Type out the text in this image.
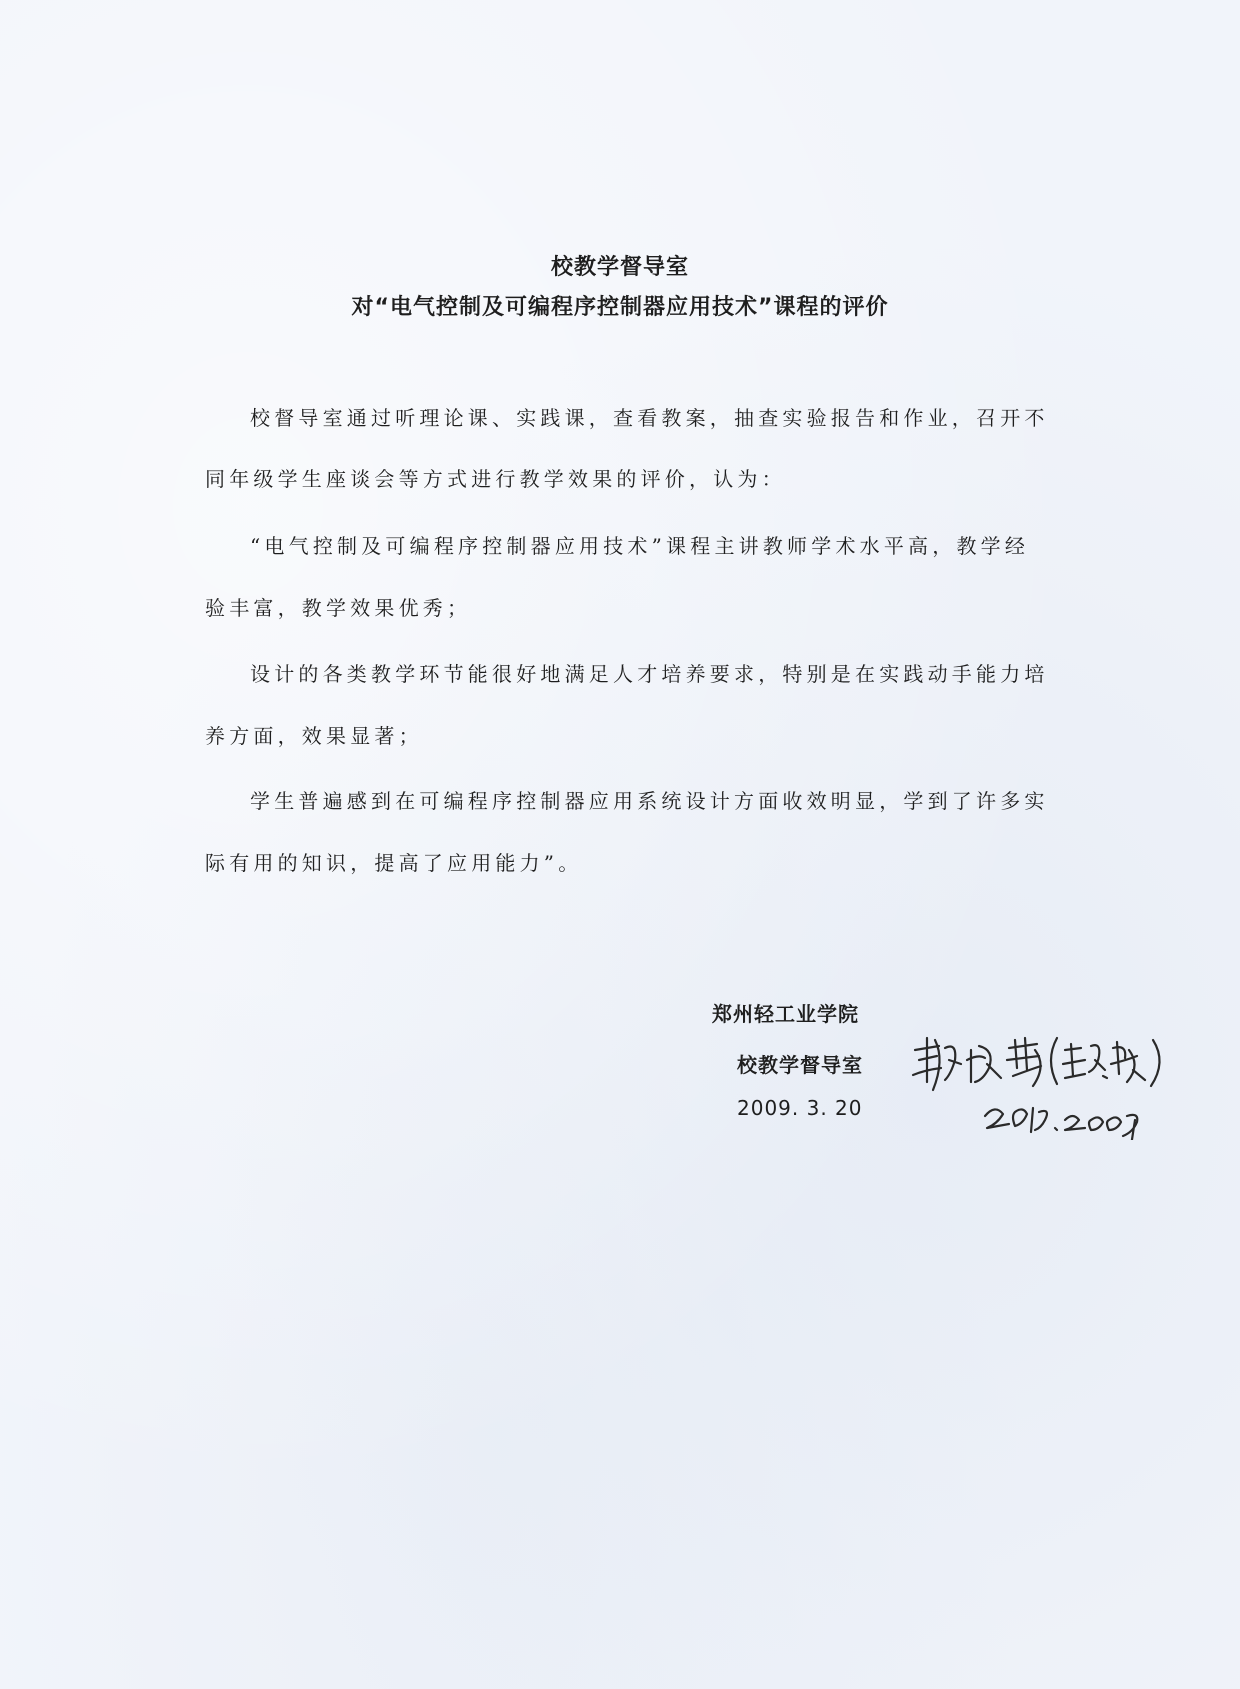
校教学督导室
对“电气控制及可编程序控制器应用技术”课程的评价
校督导室通过听理论课、实践课，查看教案，抽查实验报告和作业，召开不
同年级学生座谈会等方式进行教学效果的评价，认为：
“电气控制及可编程序控制器应用技术”课程主讲教师学术水平高，教学经
验丰富，教学效果优秀；
设计的各类教学环节能很好地满足人才培养要求，特别是在实践动手能力培
养方面，效果显著；
学生普遍感到在可编程序控制器应用系统设计方面收效明显，学到了许多实
际有用的知识，提高了应用能力”。
郑州轻工业学院
校教学督导室
2009. 3. 20
